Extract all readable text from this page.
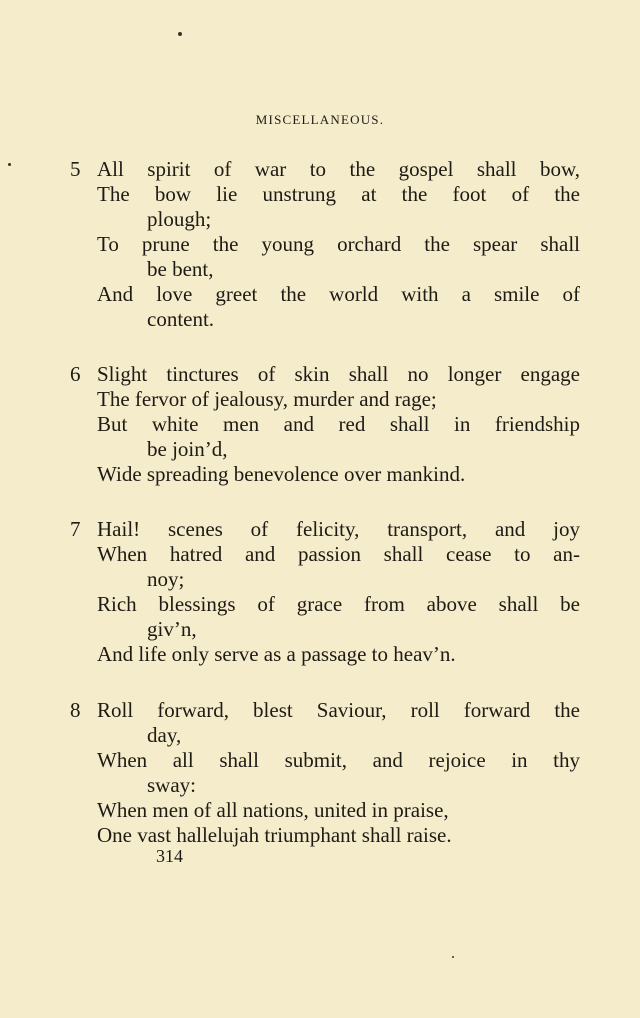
MISCELLANEOUS.
5 All spirit of war to the gospel shall bow,
The bow lie unstrung at the foot of the
plough;
To prune the young orchard the spear shall
be bent,
And love greet the world with a smile of
content.
6 Slight tinctures of skin shall no longer engage
The fervor of jealousy, murder and rage;
But white men and red shall in friendship
be join’d,
Wide spreading benevolence over mankind.
7 Hail! scenes of felicity, transport, and joy
When hatred and passion shall cease to an-
noy;
Rich blessings of grace from above shall be
giv’n,
And life only serve as a passage to heav’n.
8 Roll forward, blest Saviour, roll forward the
day,
When all shall submit, and rejoice in thy
sway:
When men of all nations, united in praise,
One vast hallelujah triumphant shall raise.
314
